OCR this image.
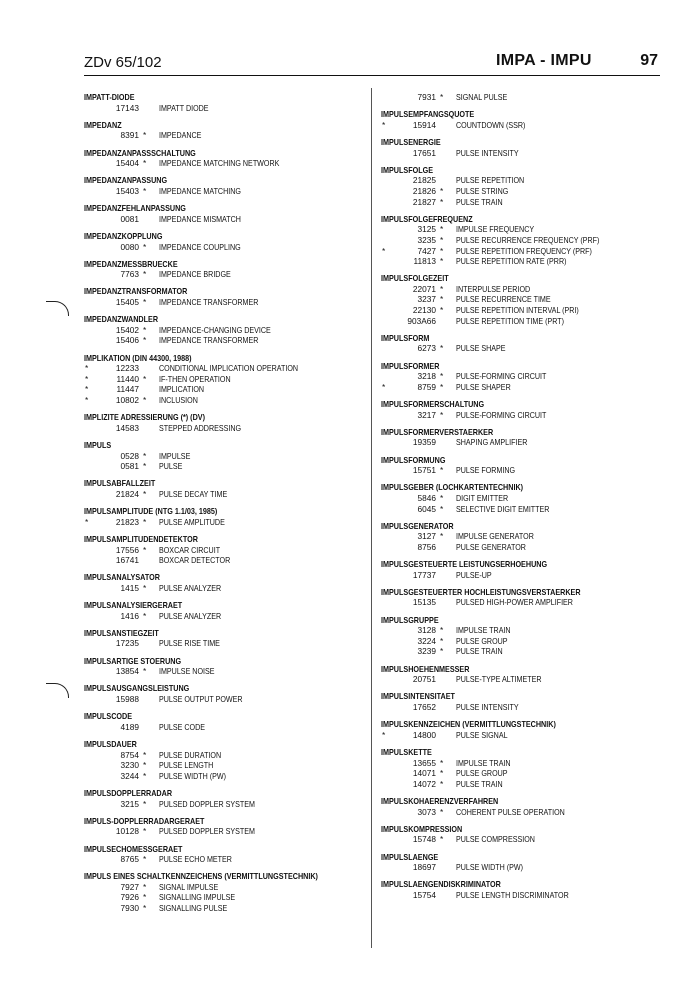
ZDv 65/102	IMPA - IMPU	97
IMPATT-DIODE
17143 IMPATT DIODE
IMPEDANZ
8391 *	IMPEDANCE
IMPEDANZANPASSSCHALTUNG
15404 *	IMPEDANCE MATCHING NETWORK
IMPEDANZANPASSUNG
15403 *	IMPEDANCE MATCHING
IMPEDANZFEHLANPASSUNG
0081 IMPEDANCE MISMATCH
IMPEDANZKOPPLUNG
0080 *	IMPEDANCE COUPLING
IMPEDANZMESSBRUECKE
7763 *	IMPEDANCE BRIDGE
IMPEDANZTRANSFORMATOR
15405 *	IMPEDANCE TRANSFORMER
IMPEDANZWANDLER
15402 *	IMPEDANCE-CHANGING DEVICE
15406 *	IMPEDANCE TRANSFORMER
IMPLIKATION (DIN 44300, 1988)
*	12233 CONDITIONAL IMPLICATION OPERATION
*	11440 *	IF-THEN OPERATION
*	11447 IMPLICATION
*	10802 *	INCLUSION
IMPLIZITE ADRESSIERUNG (*) (DV)
14583 STEPPED ADDRESSING
IMPULS
0528 *	IMPULSE
0581 *	PULSE
IMPULSABFALLZEIT
21824 *	PULSE DECAY TIME
IMPULSAMPLITUDE (NTG 1.1/03, 1985)
*	21823 *	PULSE AMPLITUDE
IMPULSAMPLITUDENDETEKTOR
17556 *	BOXCAR CIRCUIT
16741 BOXCAR DETECTOR
IMPULSANALYSATOR
1415 *	PULSE ANALYZER
IMPULSANALYSIERGERAET
1416 *	PULSE ANALYZER
IMPULSANSTIEGZEIT
17235 PULSE RISE TIME
IMPULSARTIGE STOERUNG
13854 *	IMPULSE NOISE
IMPULSAUSGANGSLEISTUNG
15988 PULSE OUTPUT POWER
IMPULSCODE
4189 PULSE CODE
IMPULSDAUER
8754 *	PULSE DURATION
3230 *	PULSE LENGTH
3244 *	PULSE WIDTH (PW)
IMPULSDOPPLERRADAR
3215 *	PULSED DOPPLER SYSTEM
IMPULS-DOPPLERRADARGERAET
10128 *	PULSED DOPPLER SYSTEM
IMPULSECHOMESSGERAET
8765 *	PULSE ECHO METER
IMPULS EINES SCHALTKENNZEICHENS (VERMITTLUNGSTECHNIK)
7927 *	SIGNAL IMPULSE
7926 *	SIGNALLING IMPULSE
7930 *	SIGNALLING PULSE
7931 *	SIGNAL PULSE
IMPULSEMPFANGSQUOTE
*	15914 COUNTDOWN (SSR)
IMPULSENERGIE
17651 PULSE INTENSITY
IMPULSFOLGE
21825 PULSE REPETITION
21826 *	PULSE STRING
21827 *	PULSE TRAIN
IMPULSFOLGEFREQUENZ
3125 *	IMPULSE FREQUENCY
3235 *	PULSE RECURRENCE FREQUENCY (PRF)
*	7427 *	PULSE REPETITION FREQUENCY (PRF)
11813 *	PULSE REPETITION RATE (PRR)
IMPULSFOLGEZEIT
22071 *	INTERPULSE PERIOD
3237 *	PULSE RECURRENCE TIME
22130 *	PULSE REPETITION INTERVAL (PRI)
903A66 PULSE REPETITION TIME (PRT)
IMPULSFORM
6273 *	PULSE SHAPE
IMPULSFORMER
3218 *	PULSE-FORMING CIRCUIT
*	8759 *	PULSE SHAPER
IMPULSFORMERSCHALTUNG
3217 *	PULSE-FORMING CIRCUIT
IMPULSFORMERVERSTAERKER
19359 SHAPING AMPLIFIER
IMPULSFORMUNG
15751 *	PULSE FORMING
IMPULSGEBER (LOCHKARTENTECHNIK)
5846 *	DIGIT EMITTER
6045 *	SELECTIVE DIGIT EMITTER
IMPULSGENERATOR
3127 *	IMPULSE GENERATOR
8756 PULSE GENERATOR
IMPULSGESTEUERTE LEISTUNGSERHOEHUNG
17737 PULSE-UP
IMPULSGESTEUERTER HOCHLEISTUNGSVERSTAERKER
15135 PULSED HIGH-POWER AMPLIFIER
IMPULSGRUPPE
3128 *	IMPULSE TRAIN
3224 *	PULSE GROUP
3239 *	PULSE TRAIN
IMPULSHOEHENMESSER
20751 PULSE-TYPE ALTIMETER
IMPULSINTENSITAET
17652 PULSE INTENSITY
IMPULSKENNZEICHEN (VERMITTLUNGSTECHNIK)
*	14800 PULSE SIGNAL
IMPULSKETTE
13655 *	IMPULSE TRAIN
14071 *	PULSE GROUP
14072 *	PULSE TRAIN
IMPULSKOHAERENZVERFAHREN
3073 *	COHERENT PULSE OPERATION
IMPULSKOMPRESSION
15748 *	PULSE COMPRESSION
IMPULSLAENGE
18697 PULSE WIDTH (PW)
IMPULSLAENGENDISKRIMINATOR
15754 PULSE LENGTH DISCRIMINATOR
